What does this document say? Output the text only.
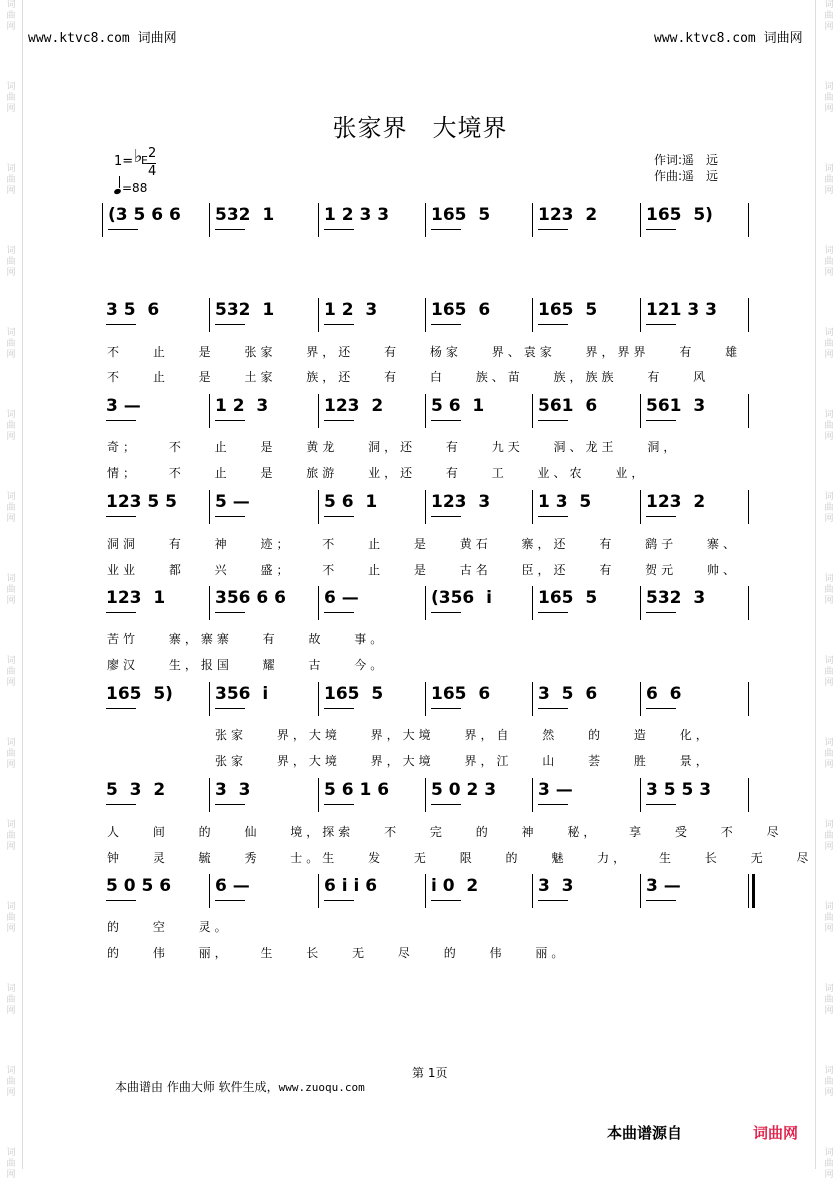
词
曲
网
词
曲
网
词
曲
网
词
曲
网
词
曲
网
词
曲
网
词
曲
网
词
曲
网
词
曲
网
词
曲
网
词
曲
网
词
曲
网
词
曲
网
词
曲
网
词
曲
网
词
曲
网
词
曲
网
词
曲
网
词
曲
网
词
曲
网
词
曲
网
词
曲
网
词
曲
网
词
曲
网
词
曲
网
词
曲
网
词
曲
网
词
曲
网
词
曲
网
词
曲
网
www.ktvc8.com 词曲网	www.ktvc8.com 词曲网
张家界　大境界
1= ♭
E 2
4
=88
作词:遥　远
作曲:遥　远
(3 5 6 6	532  1	1 2 3 3	165  5	123  2	165  5)
3 5  6	532  1	1 2  3	165  6	165  5	121 3 3
3 —	1 2  3	123  2	5 6  1	561  6	561  3
123 5 5	5 —	5 6  1	123  3	1 3  5	123  2
123  1	356 6 6	6 —	(356  i	165  5	532  3
165  5)	356  i	165  5	165  6	3  5  6	6  6
5  3  2	3  3	5 6 1 6	5 0 2 3	3 —	3 5 5 3
5 0 5 6	6 —	6 i i 6	i 0  2	3  3	3 —
不 止 是 张家 界，还 有 杨家 界、袁家 界，界界 有 雄
不 止 是 土家 族，还 有 白 族、苗 族，族族 有 风
奇； 不 止 是 黄龙 洞，还 有 九天 洞、龙王 洞，
情； 不 止 是 旅游 业，还 有 工 业、农 业，
洞洞 有 神 迹； 不 止 是 黄石 寨，还 有 鹞子 寨、
业业 都 兴 盛； 不 止 是 古名 臣，还 有 贺元 帅、
苦竹 寨，寨寨 有 故 事。
廖汉 生，报国 耀 古 今。
张家 界，大境 界，大境 界，自 然 的 造 化，
张家 界，大境 界，大境 界，江 山 荟 胜 景，
人 间 的 仙 境，探索 不 完 的 神 秘， 享 受 不 尽
钟 灵 毓 秀 士。生 发 无 限 的 魅 力， 生 长 无 尽
的 空 灵。
的 伟 丽， 生 长 无 尽 的 伟 丽。
第 1页
本曲谱由 作曲大师 软件生成，www.zuoqu.com
本曲谱源自	词曲网
